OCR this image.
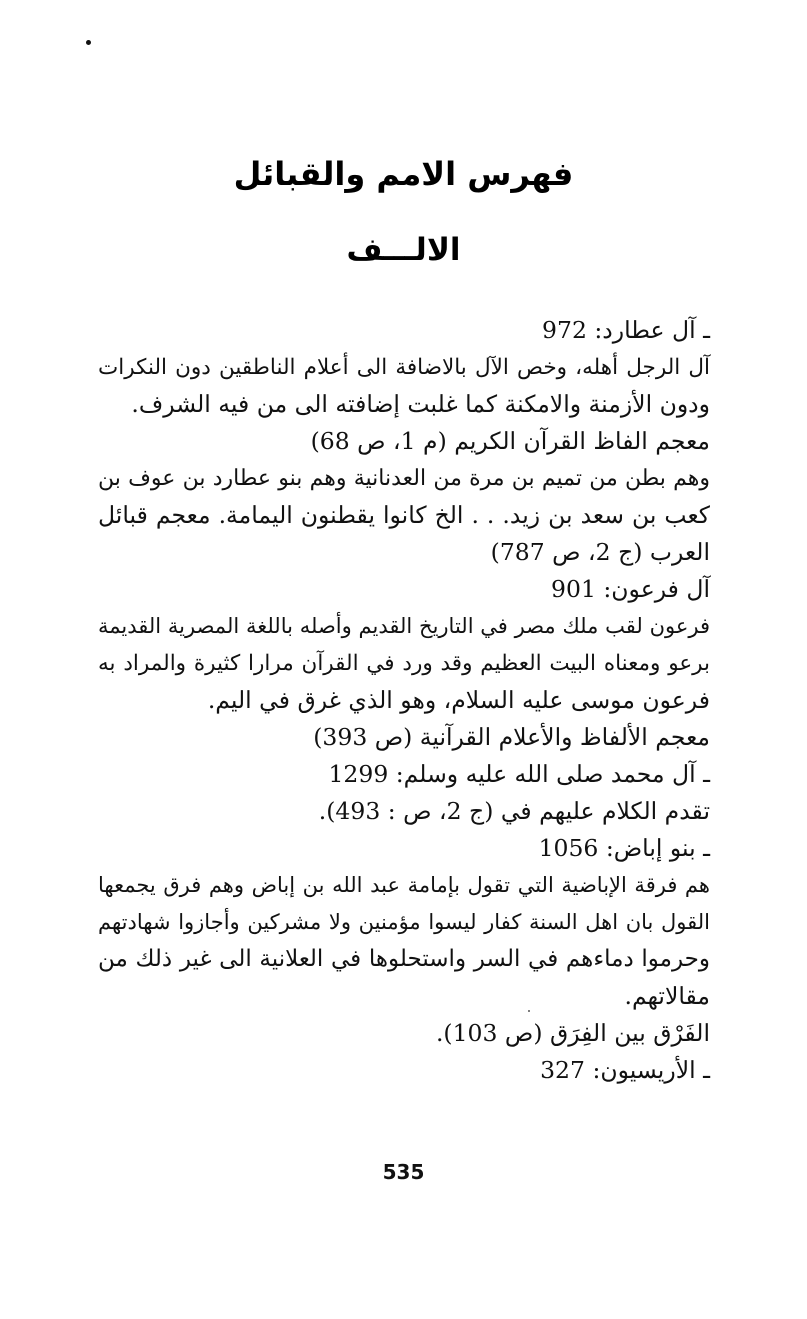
فهرس الامم والقبائل
الالـــف
ـ آل عطارد: 972
آل الرجل أهله، وخص الآل بالاضافة الى أعلام الناطقين دون النكرات
ودون الأزمنة والامكنة كما غلبت إضافته الى من فيه الشرف.
معجم الفاظ القرآن الكريم (م 1، ص 68)
وهم بطن من تميم بن مرة من العدنانية وهم بنو عطارد بن عوف بن
كعب بن سعد بن زيد. . . الخ كانوا يقطنون اليمامة. معجم قبائل
العرب (ج 2، ص 787)
آل فرعون: 901
فرعون لقب ملك مصر في التاريخ القديم وأصله باللغة المصرية القديمة
برعو ومعناه البيت العظيم وقد ورد في القرآن مرارا كثيرة والمراد به
فرعون موسى عليه السلام، وهو الذي غرق في اليم.
معجم الألفاظ والأعلام القرآنية (ص 393)
ـ آل محمد صلى الله عليه وسلم: 1299
تقدم الكلام عليهم في (ج 2، ص : 493).
ـ بنو إباض: 1056
هم فرقة الإباضية التي تقول بإمامة عبد الله بن إباض وهم فرق يجمعها
القول بان اهل السنة كفار ليسوا مؤمنين ولا مشركين وأجازوا شهادتهم
وحرموا دماءهم في السر واستحلوها في العلانية الى غير ذلك من
مقالاتهم.
الفَرْق بين الفِرَق (ص 103).
ـ الأريسيون: 327
535
